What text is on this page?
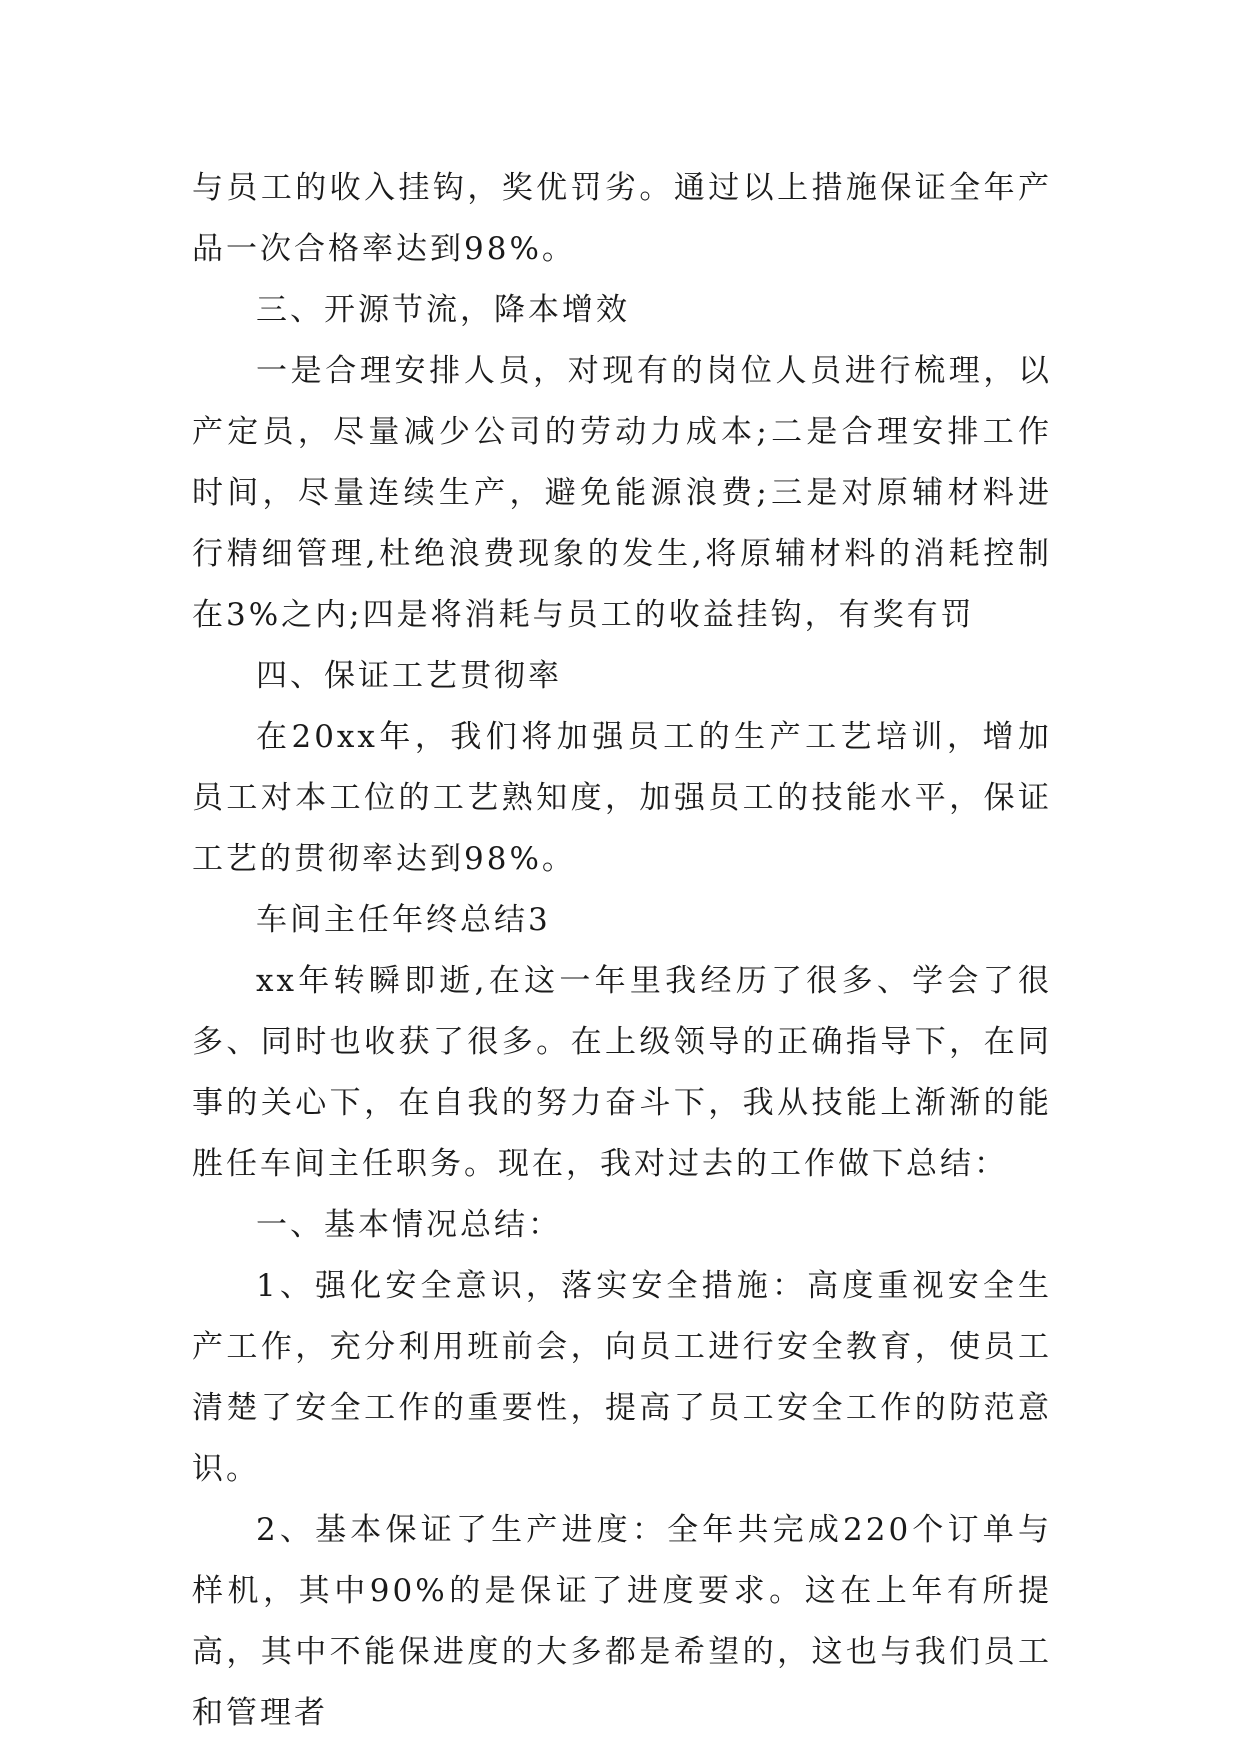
与员工的收入挂钩，奖优罚劣。通过以上措施保证全年产品一次合格率达到98%。

三、开源节流，降本增效

一是合理安排人员，对现有的岗位人员进行梳理，以产定员，尽量减少公司的劳动力成本;二是合理安排工作时间，尽量连续生产，避免能源浪费;三是对原辅材料进行精细管理,杜绝浪费现象的发生,将原辅材料的消耗控制在3%之内;四是将消耗与员工的收益挂钩，有奖有罚

四、保证工艺贯彻率

在20xx年，我们将加强员工的生产工艺培训，增加员工对本工位的工艺熟知度，加强员工的技能水平，保证工艺的贯彻率达到98%。

车间主任年终总结3

xx年转瞬即逝,在这一年里我经历了很多、学会了很多、同时也收获了很多。在上级领导的正确指导下，在同事的关心下，在自我的努力奋斗下，我从技能上渐渐的能胜任车间主任职务。现在，我对过去的工作做下总结：

一、基本情况总结：

1、强化安全意识，落实安全措施：高度重视安全生产工作，充分利用班前会，向员工进行安全教育，使员工清楚了安全工作的重要性，提高了员工安全工作的防范意识。

2、基本保证了生产进度：全年共完成220个订单与样机，其中90%的是保证了进度要求。这在上年有所提高，其中不能保进度的大多都是希望的，这也与我们员工和管理者
